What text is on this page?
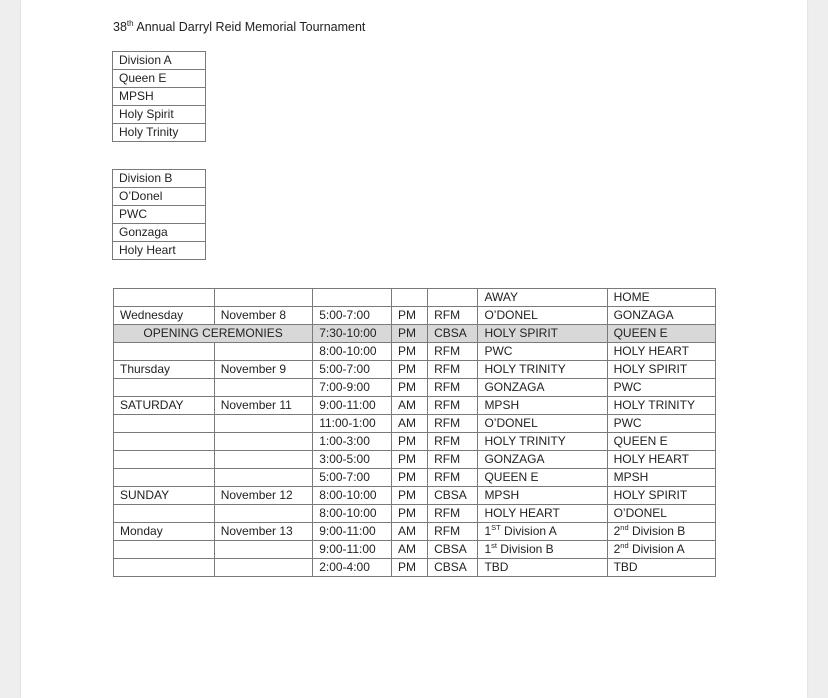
38th Annual Darryl Reid Memorial Tournament
Division A
Queen E
MPSH
Holy Spirit
Holy Trinity
Division B
O’Donel
PWC
Gonzaga
Holy Heart
					AWAY	HOME
Wednesday	November 8	5:00-7:00	PM	RFM	O’DONEL	GONZAGA
OPENING CEREMONIES		7:30-10:00	PM	CBSA	HOLY SPIRIT	QUEEN E
		8:00-10:00	PM	RFM	PWC	HOLY HEART
Thursday	November 9	5:00-7:00	PM	RFM	HOLY TRINITY	HOLY SPIRIT
		7:00-9:00	PM	RFM	GONZAGA	PWC
SATURDAY	November 11	9:00-11:00	AM	RFM	MPSH	HOLY TRINITY
		11:00-1:00	AM	RFM	O’DONEL	PWC
		1:00-3:00	PM	RFM	HOLY TRINITY	QUEEN E
		3:00-5:00	PM	RFM	GONZAGA	HOLY HEART
		5:00-7:00	PM	RFM	QUEEN E	MPSH
SUNDAY	November 12	8:00-10:00	PM	CBSA	MPSH	HOLY SPIRIT
		8:00-10:00	PM	RFM	HOLY HEART	O’DONEL
Monday	November 13	9:00-11:00	AM	RFM	1ST Division A	2nd Division B
		9:00-11:00	AM	CBSA	1st Division B	2nd Division A
		2:00-4:00	PM	CBSA	TBD	TBD
